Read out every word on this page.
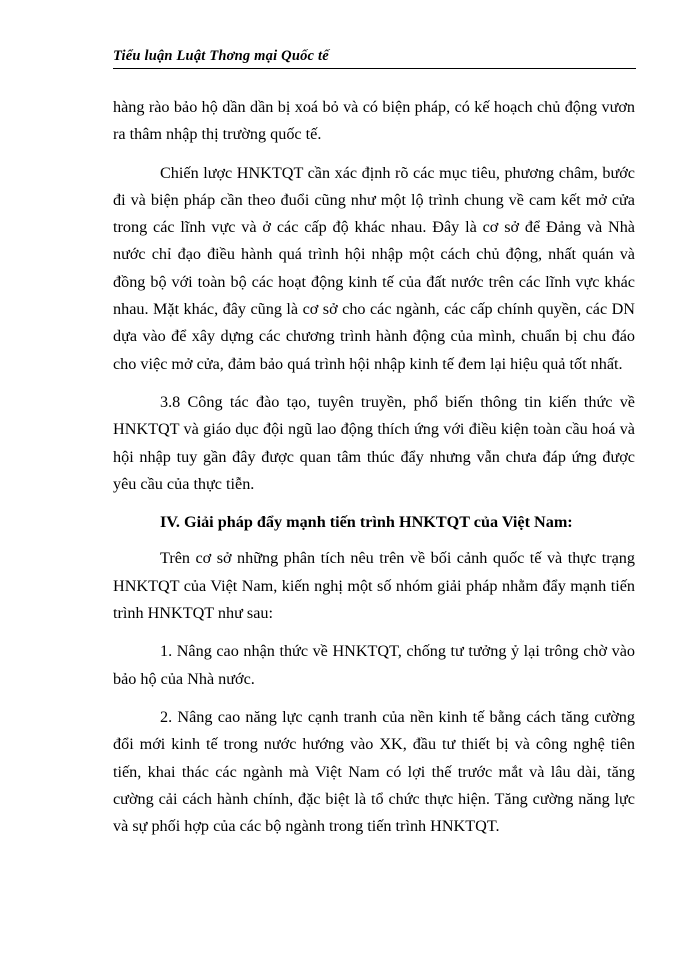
Tiểu luận Luật Thơng mại Quốc tế

hàng rào bảo hộ dần dần bị xoá bỏ và có biện pháp, có kế hoạch chủ động vươn ra thâm nhập thị trường quốc tế.

Chiến lược HNKTQT cần xác định rõ các mục tiêu, phương châm, bước đi và biện pháp cần theo đuổi cũng như một lộ trình chung về cam kết mở cửa trong các lĩnh vực và ở các cấp độ khác nhau. Đây là cơ sở để Đảng và Nhà nước chỉ đạo điều hành quá trình hội nhập một cách chủ động, nhất quán và đồng bộ với toàn bộ các hoạt động kinh tế của đất nước trên các lĩnh vực khác nhau. Mặt khác, đây cũng là cơ sở cho các ngành, các cấp chính quyền, các DN dựa vào để xây dựng các chương trình hành động của mình, chuẩn bị chu đáo cho việc mở cửa, đảm bảo quá trình hội nhập kinh tế đem lại hiệu quả tốt nhất.

3.8 Công tác đào tạo, tuyên truyền, phổ biến thông tin kiến thức về HNKTQT và giáo dục đội ngũ lao động thích ứng với điều kiện toàn cầu hoá và hội nhập tuy gần đây được quan tâm thúc đẩy nhưng vẫn chưa đáp ứng được yêu cầu của thực tiễn.

IV. Giải pháp đẩy mạnh tiến trình HNKTQT của Việt Nam:

Trên cơ sở những phân tích nêu trên về bối cảnh quốc tế và thực trạng HNKTQT của Việt Nam, kiến nghị một số nhóm giải pháp nhằm đẩy mạnh tiến trình HNKTQT như sau:

1. Nâng cao nhận thức về HNKTQT, chống tư tưởng ỷ lại trông chờ vào bảo hộ của Nhà nước.

2. Nâng cao năng lực cạnh tranh của nền kinh tế bằng cách tăng cường đổi mới kinh tế trong nước hướng vào XK, đầu tư thiết bị và công nghệ tiên tiến, khai thác các ngành mà Việt Nam có lợi thế trước mắt và lâu dài, tăng cường cải cách hành chính, đặc biệt là tổ chức thực hiện. Tăng cường năng lực và sự phối hợp của các bộ ngành trong tiến trình HNKTQT.
